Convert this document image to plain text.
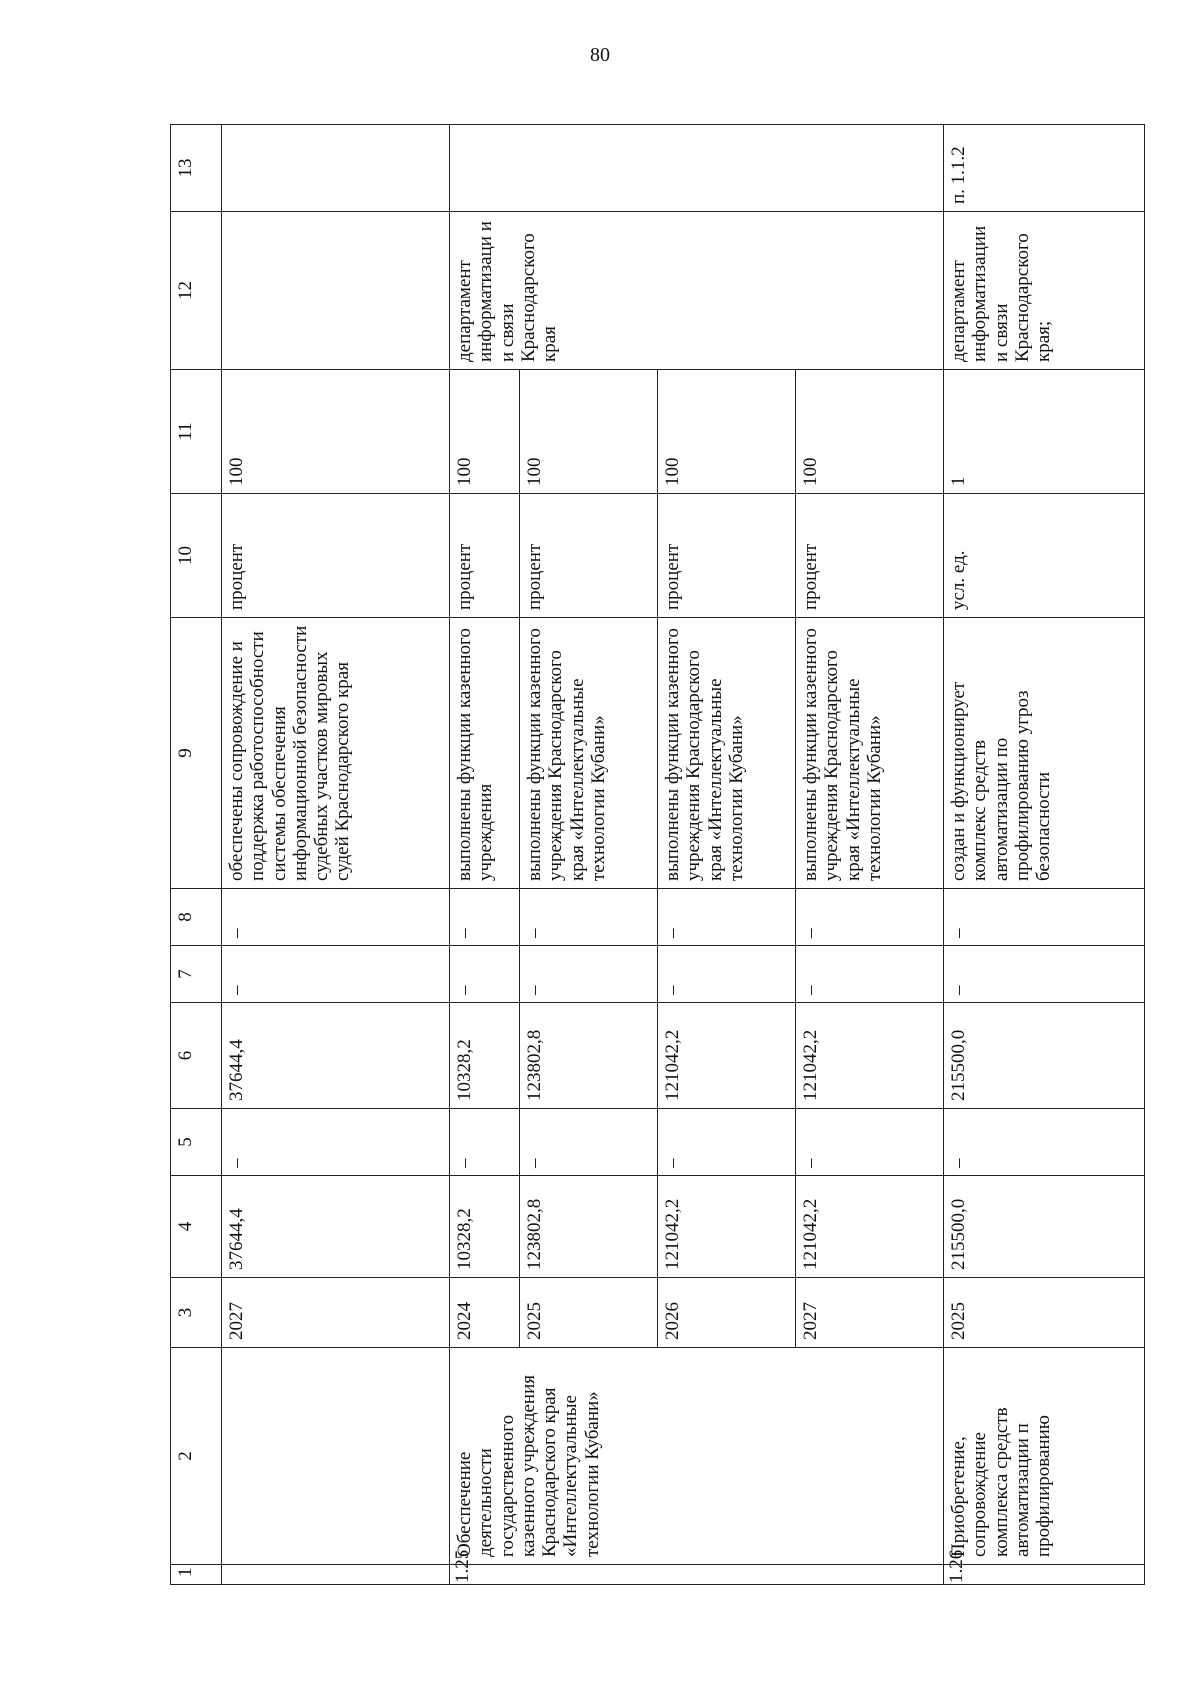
80
1	2	3	4	5	6	7	8	9	10	11	12	13
		2027	37644,4	–	37644,4	–	–	обеспечены сопровождение и поддержка работоспособности системы обеспечения информационной безопасности судебных участков мировых судей Краснодарского края	процент	100		
1.25	Обеспечение деятельности государственного казенного учреждения Краснодарского края «Интеллектуальные технологии Кубани»	2024	10328,2	–	10328,2	–	–	выполнены функции казенного учреждения	процент	100	департамент информатизаци и и связи Краснодарского края	
		2025	123802,8	–	123802,8	–	–	выполнены функции казенного учреждения Краснодарского края «Интеллектуальные технологии Кубани»	процент	100		
		2026	121042,2	–	121042,2	–	–	выполнены функции казенного учреждения Краснодарского края «Интеллектуальные технологии Кубани»	процент	100		
		2027	121042,2	–	121042,2	–	–	выполнены функции казенного учреждения Краснодарского края «Интеллектуальные технологии Кубани»	процент	100		
1.26	Приобретение, сопровождение комплекса средств автоматизации п профилированию	2025	215500,0	–	215500,0	–	–	создан и функционирует комплекс средств автоматизации по профилированию угроз безопасности	усл. ед.	1	департамент информатизации и связи Краснодарского края;	п. 1.1.2
